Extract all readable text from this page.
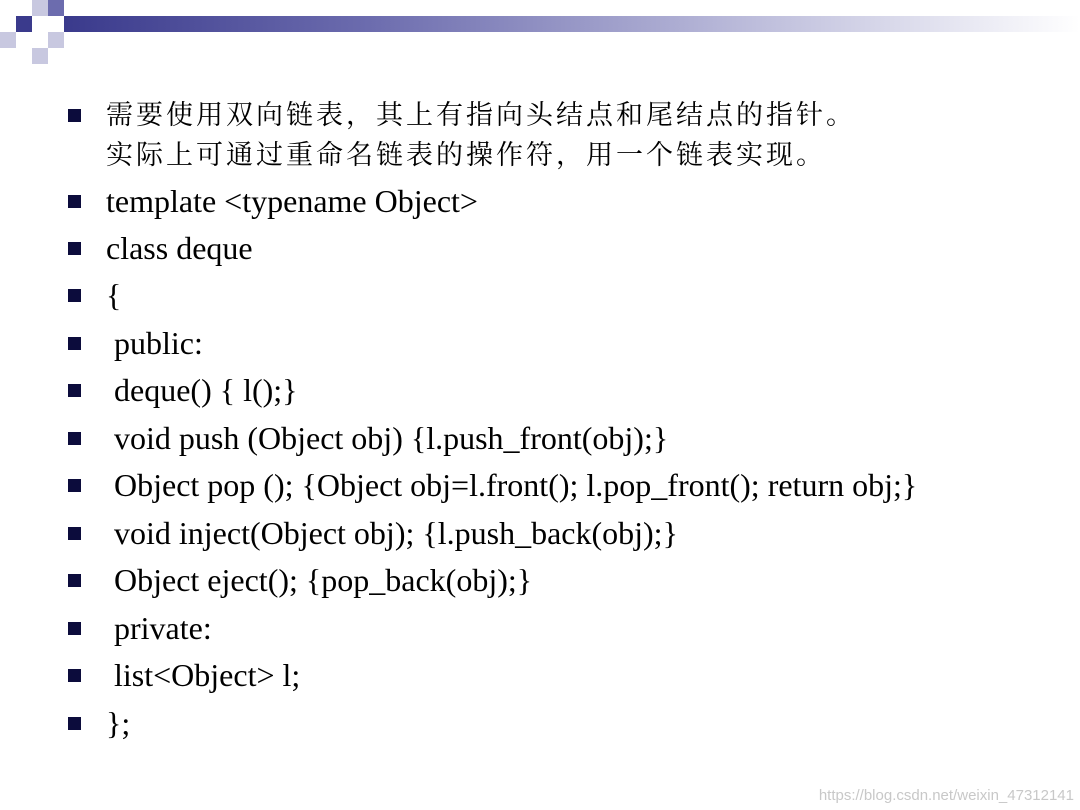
需要使用双向链表，其上有指向头结点和尾结点的指针。
实际上可通过重命名链表的操作符，用一个链表实现。
template <typename Object>
class deque
{
public:
deque() { l();}
void push (Object obj) {l.push_front(obj);}
Object pop (); {Object obj=l.front(); l.pop_front(); return obj;}
void inject(Object obj); {l.push_back(obj);}
Object eject(); {pop_back(obj);}
private:
list<Object> l;
};
https://blog.csdn.net/weixin_47312141
